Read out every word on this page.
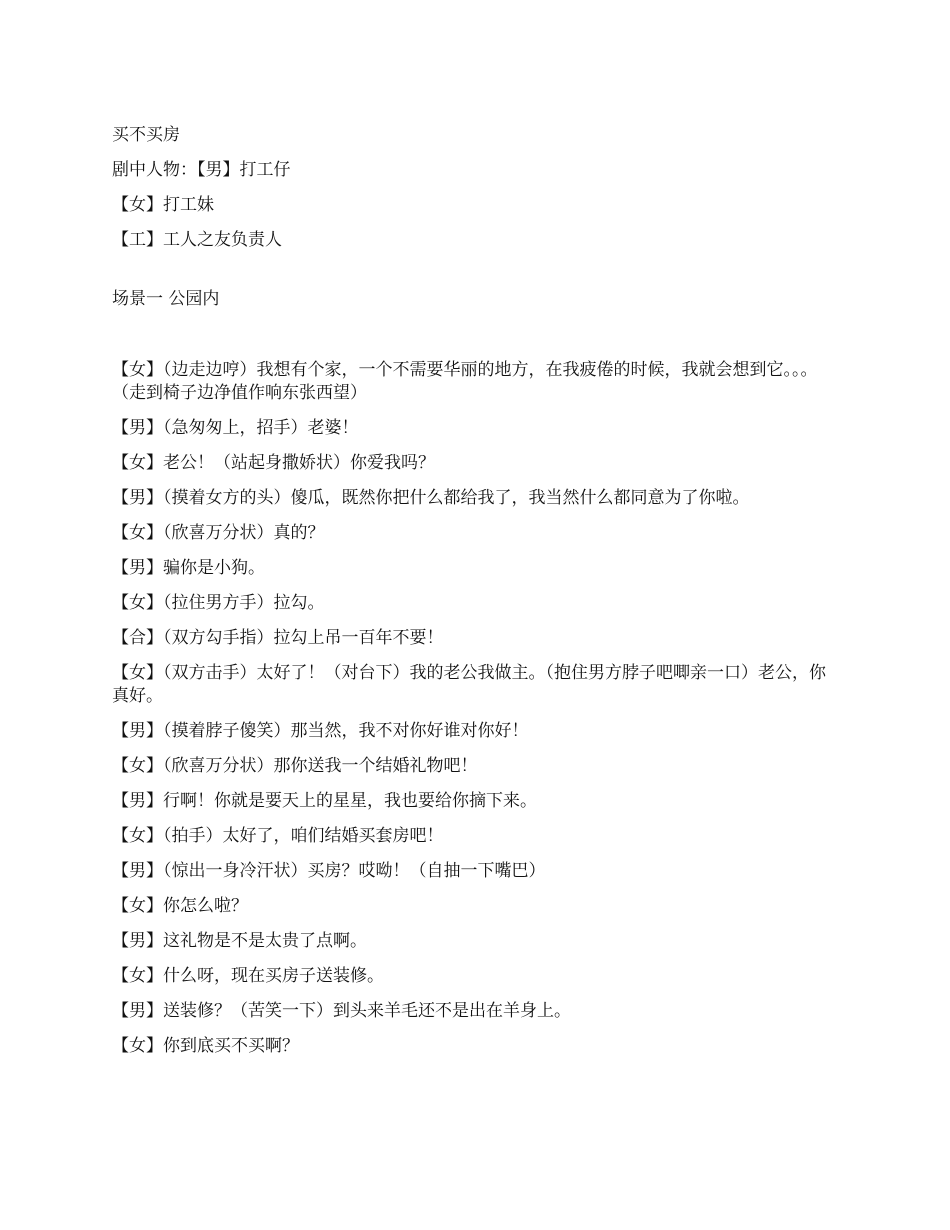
买不买房

剧中人物：【男】打工仔

【女】打工妹

【工】工人之友负责人

场景一 公园内

【女】（边走边哼）我想有个家，一个不需要华丽的地方，在我疲倦的时候，我就会想到它。。。（走到椅子边净值作响东张西望）

【男】（急匆匆上，招手）老婆！

【女】老公！（站起身撒娇状）你爱我吗？

【男】（摸着女方的头）傻瓜，既然你把什么都给我了，我当然什么都同意为了你啦。

【女】（欣喜万分状）真的？

【男】骗你是小狗。

【女】（拉住男方手）拉勾。

【合】（双方勾手指）拉勾上吊一百年不要！

【女】（双方击手）太好了！（对台下）我的老公我做主。（抱住男方脖子吧唧亲一口）老公，你真好。

【男】（摸着脖子傻笑）那当然，我不对你好谁对你好！

【女】（欣喜万分状）那你送我一个结婚礼物吧！

【男】行啊！你就是要天上的星星，我也要给你摘下来。

【女】（拍手）太好了，咱们结婚买套房吧！

【男】（惊出一身冷汗状）买房？哎呦！（自抽一下嘴巴）

【女】你怎么啦？

【男】这礼物是不是太贵了点啊。

【女】什么呀，现在买房子送装修。

【男】送装修？（苦笑一下）到头来羊毛还不是出在羊身上。

【女】你到底买不买啊？
